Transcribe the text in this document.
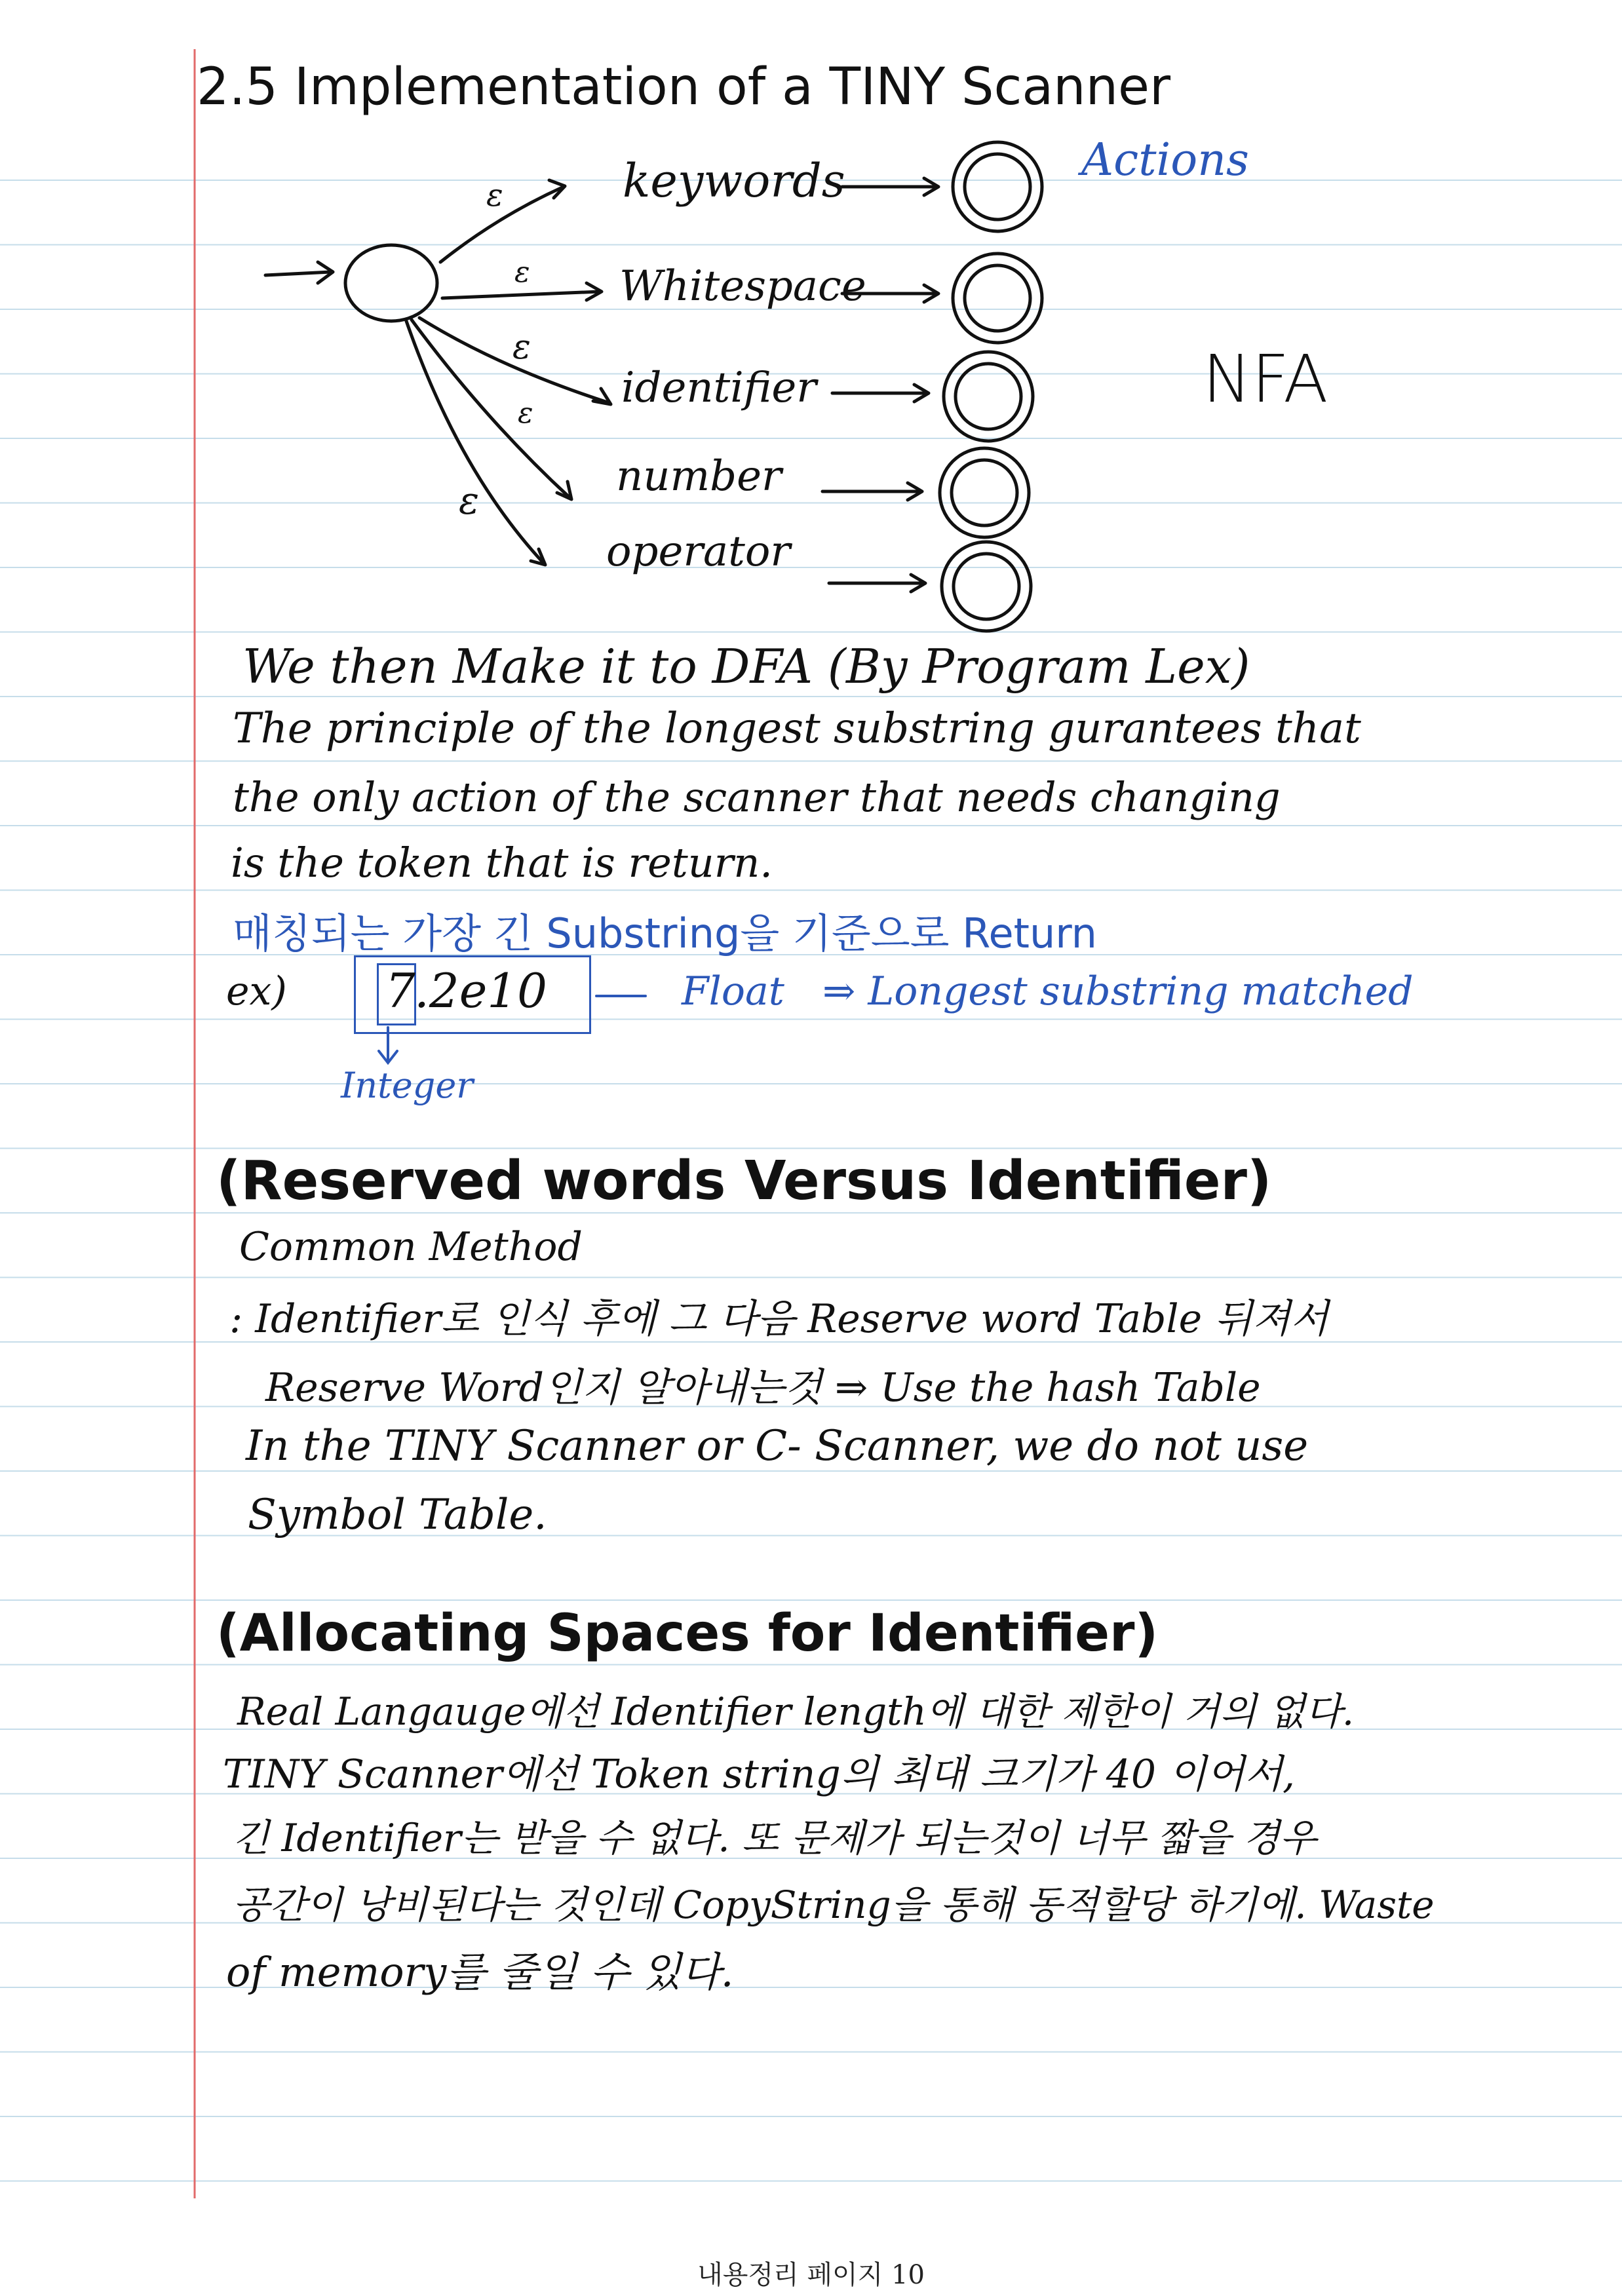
2.5 Implementation of a TINY Scanner
ε
ε
ε
ε
ε
keywords
Whitespace
identifier
number
operator
Actions
NFA
We then Make it to DFA (By Program Lex)
The principle of the longest substring gurantees that
the only action of the scanner that needs changing
is the token that is return.
매칭되는 가장 긴 Substring을 기준으로 Return
ex) 7
.2e10	Float ⇒ Longest substring matched
Integer
(Reserved words Versus Identifier)
Common Method
: Identifier로 인식 후에 그 다음 Reserve word Table 뒤져서
Reserve Word인지 알아내는것 ⇒ Use the hash Table
In the TINY Scanner or C- Scanner, we do not use
Symbol Table.
(Allocating Spaces for Identifier)
Real Langauge에선 Identifier length에 대한 제한이 거의 없다.
TINY Scanner에선 Token string의 최대 크기가 40 이어서,
긴 Identifier는 받을 수 없다. 또 문제가 되는것이 너무 짧을 경우
공간이 낭비된다는 것인데 CopyString을 통해 동적할당 하기에. Waste
of memory를 줄일 수 있다.
내용정리 페이지 10
